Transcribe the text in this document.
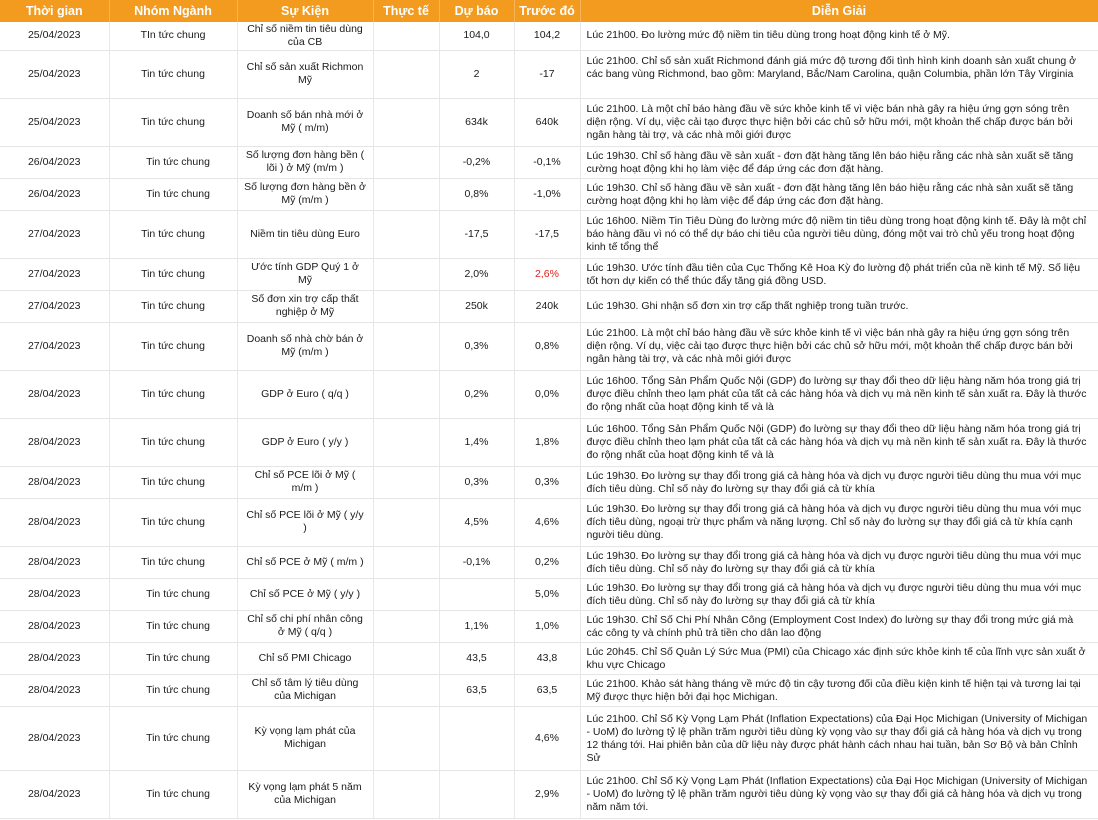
Thời gian	Nhóm Ngành	Sự Kiện	Thực tế	Dự báo	Trước đó	Diễn Giải
25/04/2023	TIn tức chung	Chỉ số niềm tin tiêu dùng của CB		104,0	104,2	Lúc 21h00. Đo lường mức độ niềm tin tiêu dùng trong hoạt động kinh tế ở Mỹ.

25/04/2023	Tin tức chung	Chỉ số sản xuất Richmon Mỹ		2	-17	Lúc 21h00. Chỉ số sản xuất Richmond đánh giá mức độ tương đối tình hình kinh doanh sản xuất chung ở các bang vùng Richmond, bao gồm: Maryland, Bắc/Nam Carolina, quận Columbia, phần lớn Tây Virginia

25/04/2023	Tin tức chung	Doanh số bán nhà mới ở Mỹ ( m/m)		634k	640k	Lúc 21h00. Là một chỉ báo hàng đầu về sức khỏe kinh tế vì việc bán nhà gây ra hiệu ứng gợn sóng trên diện rộng. Ví dụ, việc cải tạo được thực hiện bởi các chủ sở hữu mới, một khoản thế chấp được bán bởi ngân hàng tài trợ, và các nhà môi giới được

26/04/2023	Tin tức chung	Số lượng đơn hàng bền ( lõi ) ở Mỹ (m/m )		-0,2%	-0,1%	Lúc 19h30. Chỉ số hàng đầu về sản xuất - đơn đặt hàng tăng lên báo hiệu rằng các nhà sản xuất sẽ tăng cường hoạt động khi họ làm việc để đáp ứng các đơn đặt hàng.

26/04/2023	Tin tức chung	Số lượng đơn hàng bền ở Mỹ (m/m )		0,8%	-1,0%	Lúc 19h30. Chỉ số hàng đầu về sản xuất - đơn đặt hàng tăng lên báo hiệu rằng các nhà sản xuất sẽ tăng cường hoạt động khi họ làm việc để đáp ứng các đơn đặt hàng.

27/04/2023	Tin tức chung	Niềm tin tiêu dùng Euro		-17,5	-17,5	Lúc 16h00. Niềm Tin Tiêu Dùng đo lường mức độ niềm tin tiêu dùng trong hoạt động kinh tế. Đây là một chỉ báo hàng đầu vì nó có thể dự báo chi tiêu của người tiêu dùng, đóng một vai trò chủ yếu trong hoạt động kinh tế tổng thể

27/04/2023	Tin tức chung	Ước tính GDP Quý 1 ở Mỹ		2,0%	2,6%	Lúc 19h30. Ước tính đầu tiên của Cục Thống Kê Hoa Kỳ đo lường độ phát triển của nề kinh tế Mỹ. Số liệu tốt hơn dự kiến có thể thúc đẩy tăng giá đồng USD.

27/04/2023	Tin tức chung	Số đơn xin trợ cấp thất nghiệp ở Mỹ		250k	240k	Lúc 19h30. Ghi nhận số đơn xin trợ cấp thất nghiệp trong tuần trước.

27/04/2023	Tin tức chung	Doanh số nhà chờ bán ở Mỹ (m/m )		0,3%	0,8%	Lúc 21h00. Là một chỉ báo hàng đầu về sức khỏe kinh tế vì việc bán nhà gây ra hiệu ứng gợn sóng trên diện rộng. Ví dụ, việc cải tạo được thực hiện bởi các chủ sở hữu mới, một khoản thế chấp được bán bởi ngân hàng tài trợ, và các nhà môi giới được

28/04/2023	Tin tức chung	GDP ở Euro ( q/q )		0,2%	0,0%	Lúc 16h00. Tổng Sản Phẩm Quốc Nội (GDP) đo lường sự thay đổi theo dữ liệu hàng năm hóa trong giá trị được điều chỉnh theo lạm phát của tất cả các hàng hóa và dịch vụ mà nền kinh tế sản xuất ra. Đây là thước đo rộng nhất của hoạt động kinh tế và là

28/04/2023	Tin tức chung	GDP ở Euro ( y/y )		1,4%	1,8%	Lúc 16h00. Tổng Sản Phẩm Quốc Nội (GDP) đo lường sự thay đổi theo dữ liệu hàng năm hóa trong giá trị được điều chỉnh theo lạm phát của tất cả các hàng hóa và dịch vụ mà nền kinh tế sản xuất ra. Đây là thước đo rộng nhất của hoạt động kinh tế và là

28/04/2023	Tin tức chung	Chỉ số PCE lõi ở Mỹ ( m/m )		0,3%	0,3%	Lúc 19h30. Đo lường sự thay đổi trong giá cả hàng hóa và dịch vụ được người tiêu dùng thu mua với mục đích tiêu dùng. Chỉ số này đo lường sự thay đổi giá cả từ khía

28/04/2023	Tin tức chung	Chỉ số PCE lõi ở Mỹ ( y/y )		4,5%	4,6%	Lúc 19h30. Đo lường sự thay đổi trong giá cả hàng hóa và dịch vụ được người tiêu dùng thu mua với mục đích tiêu dùng, ngoại trừ thực phẩm và năng lượng. Chỉ số này đo lường sự thay đổi giá cả từ khía cạnh người tiêu dùng.

28/04/2023	Tin tức chung	Chỉ số PCE ở Mỹ ( m/m )		-0,1%	0,2%	Lúc 19h30. Đo lường sự thay đổi trong giá cả hàng hóa và dịch vụ được người tiêu dùng thu mua với mục đích tiêu dùng. Chỉ số này đo lường sự thay đổi giá cả từ khía

28/04/2023	Tin tức chung	Chỉ số PCE ở Mỹ ( y/y )			5,0%	Lúc 19h30. Đo lường sự thay đổi trong giá cả hàng hóa và dịch vụ được người tiêu dùng thu mua với mục đích tiêu dùng. Chỉ số này đo lường sự thay đổi giá cả từ khía

28/04/2023	Tin tức chung	Chỉ số chi phí nhân công ở Mỹ ( q/q )		1,1%	1,0%	Lúc 19h30. Chỉ Số Chi Phí Nhân Công (Employment Cost Index) đo lường sự thay đổi trong mức giá mà các công ty và chính phủ trả tiền cho dân lao động

28/04/2023	Tin tức chung	Chỉ số PMI Chicago		43,5	43,8	Lúc 20h45. Chỉ Số Quản Lý Sức Mua (PMI) của Chicago xác định sức khỏe kinh tế của lĩnh vực sản xuất ở khu vực Chicago

28/04/2023	Tin tức chung	Chỉ số tâm lý tiêu dùng của Michigan		63,5	63,5	Lúc 21h00. Khảo sát hàng tháng về mức độ tin cậy tương đối của điều kiện kinh tế hiện tại và tương lai tại Mỹ được thực hiện bởi đại học Michigan.

28/04/2023	Tin tức chung	Kỳ vọng lạm phát của Michigan			4,6%	Lúc 21h00. Chỉ Số Kỳ Vọng Lạm Phát (Inflation Expectations) của Đại Học Michigan (University of Michigan - UoM) đo lường tỷ lệ phần trăm người tiêu dùng kỳ vọng vào sự thay đổi giá cả hàng hóa và dịch vụ trong 12 tháng tới. Hai phiên bản của dữ liệu này được phát hành cách nhau hai tuần, bản Sơ Bộ và bản Chỉnh Sử

28/04/2023	Tin tức chung	Kỳ vọng lạm phát 5 năm của Michigan			2,9%	Lúc 21h00. Chỉ Số Kỳ Vọng Lạm Phát (Inflation Expectations) của Đại Học Michigan (University of Michigan - UoM) đo lường tỷ lệ phần trăm người tiêu dùng kỳ vọng vào sự thay đổi giá cả hàng hóa và dịch vụ trong năm năm tới.
